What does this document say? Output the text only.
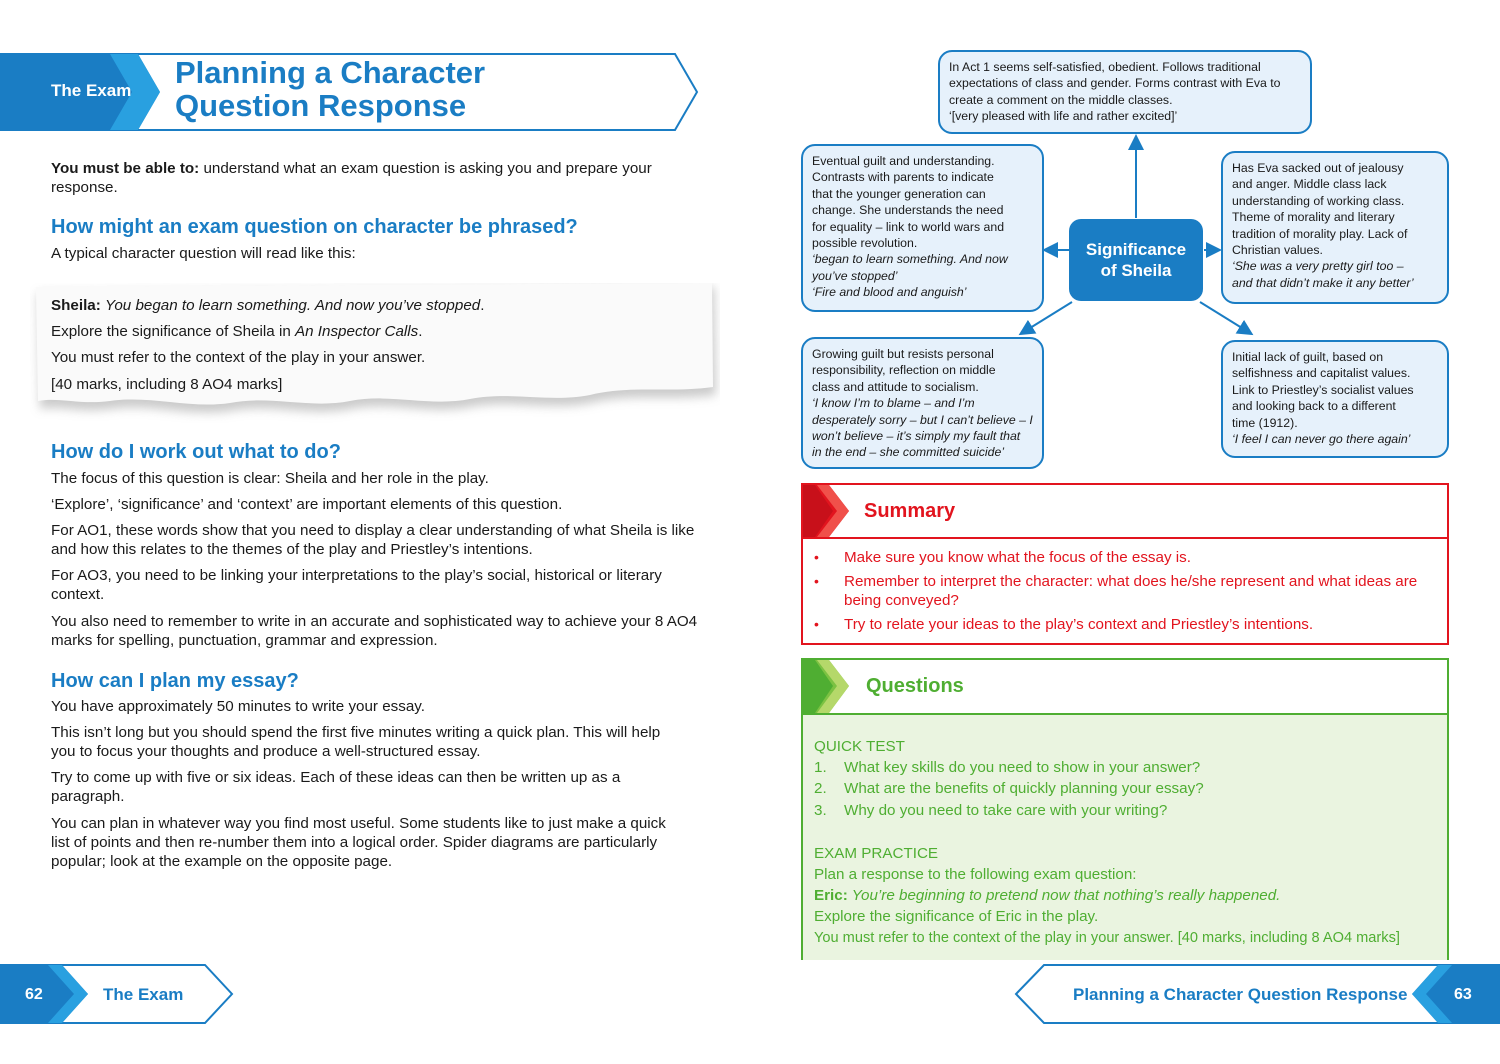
The Exam
Planning a Character
Question Response
You must be able to: understand what an exam question is asking you and prepare your response.
How might an exam question on character be phrased?
A typical character question will read like this:
Sheila: You began to learn something. And now you’ve stopped.
Explore the significance of Sheila in An Inspector Calls.
You must refer to the context of the play in your answer.
[40 marks, including 8 AO4 marks]
How do I work out what to do?
The focus of this question is clear: Sheila and her role in the play.
‘Explore’, ‘significance’ and ‘context’ are important elements of this question.
For AO1, these words show that you need to display a clear understanding of what Sheila is like and how this relates to the themes of the play and Priestley’s intentions.
For AO3, you need to be linking your interpretations to the play’s social, historical or literary context.
You also need to remember to write in an accurate and sophisticated way to achieve your 8 AO4 marks for spelling, punctuation, grammar and expression.
How can I plan my essay?
You have approximately 50 minutes to write your essay.
This isn’t long but you should spend the first five minutes writing a quick plan. This will help you to focus your thoughts and produce a well-structured essay.
Try to come up with five or six ideas. Each of these ideas can then be written up as a paragraph.
You can plan in whatever way you find most useful. Some students like to just make a quick list of points and then re-number them into a logical order. Spider diagrams are particularly popular; look at the example on the opposite page.
Significance
of Sheila
In Act 1 seems self-satisfied, obedient. Follows traditional
expectations of class and gender. Forms contrast with Eva to
create a comment on the middle classes.
‘[very pleased with life and rather excited]’
Eventual guilt and understanding.
Contrasts with parents to indicate
that the younger generation can
change. She understands the need
for equality – link to world wars and
possible revolution.
‘began to learn something. And now
you’ve stopped’
‘Fire and blood and anguish’
Has Eva sacked out of jealousy
and anger. Middle class lack
understanding of working class.
Theme of morality and literary
tradition of morality play. Lack of
Christian values.
‘She was a very pretty girl too –
and that didn’t make it any better’
Growing guilt but resists personal
responsibility, reflection on middle
class and attitude to socialism.
‘I know I’m to blame – and I’m
desperately sorry – but I can’t believe – I
won’t believe – it’s simply my fault that
in the end – she committed suicide’
Initial lack of guilt, based on
selfishness and capitalist values.
Link to Priestley’s socialist values
and looking back to a different
time (1912).
‘I feel I can never go there again’
Summary
• Make sure you know what the focus of the essay is.
• Remember to interpret the character: what does he/she represent and what ideas are being conveyed?
• Try to relate your ideas to the play’s context and Priestley’s intentions.
Questions
QUICK TEST
1. What key skills do you need to show in your answer?
2. What are the benefits of quickly planning your essay?
3. Why do you need to take care with your writing?
EXAM PRACTICE
Plan a response to the following exam question:
Eric: You’re beginning to pretend now that nothing’s really happened.
Explore the significance of Eric in the play.
You must refer to the context of the play in your answer. [40 marks, including 8 AO4 marks]
62	The Exam	Planning a Character Question Response	63
